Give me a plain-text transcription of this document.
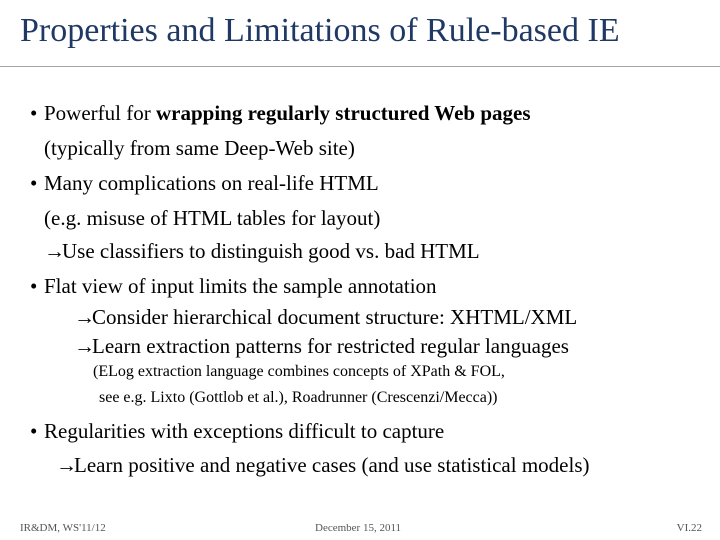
Properties and Limitations of Rule-based IE
• Powerful for wrapping regularly structured Web pages
(typically from same Deep-Web site)
• Many complications on real-life HTML
(e.g. misuse of HTML tables for layout)
→Use classifiers to distinguish good vs. bad HTML
• Flat view of input limits the sample annotation
→Consider hierarchical document structure: XHTML/XML
→Learn extraction patterns for restricted regular languages
(ELog extraction language combines concepts of XPath & FOL,
see e.g. Lixto (Gottlob et al.), Roadrunner (Crescenzi/Mecca))
• Regularities with exceptions difficult to capture
→Learn positive and negative cases (and use statistical models)
IR&DM, WS'11/12	December 15, 2011	VI.22
